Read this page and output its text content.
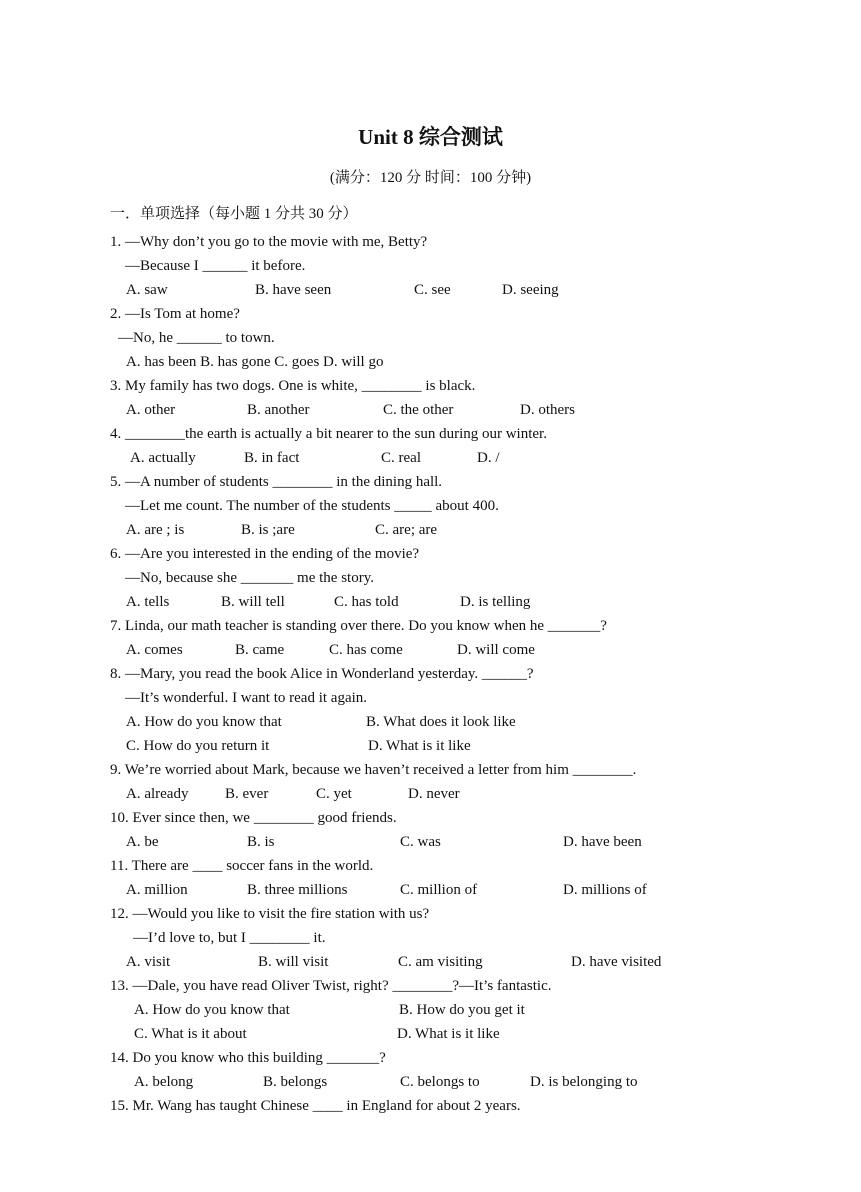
Unit 8 综合测试
(满分：120 分 时间：100 分钟)
一．单项选择（每小题 1 分共 30 分）
1. —Why don’t you go to the movie with me, Betty?
—Because I ______ it before.
A. saw	B. have seen	C. see	D. seeing
2. —Is Tom at home?
—No, he ______ to town.
A. has been B. has gone C. goes D. will go
3. My family has two dogs. One is white, ________ is black.
A. other	B. another	C. the other	D. others
4. ________the earth is actually a bit nearer to the sun during our winter.
A. actually	B. in fact	C. real	D. /
5. —A number of students ________ in the dining hall.
—Let me count. The number of the students _____ about 400.
A. are ; is	B. is ;are	C. are; are
6. —Are you interested in the ending of the movie?
—No, because she _______ me the story.
A. tells	B. will tell	C. has told	D. is telling
7. Linda, our math teacher is standing over there. Do you know when he _______?
A. comes	B. came	C. has come	D. will come
8. —Mary, you read the book Alice in Wonderland yesterday. ______?
—It’s wonderful. I want to read it again.
A. How do you know that	B. What does it look like
C. How do you return it	D. What is it like
9. We’re worried about Mark, because we haven’t received a letter from him ________.
A. already B. ever	C. yet	D. never
10. Ever since then, we ________ good friends.
A. be	B. is	C. was	D. have been
11. There are ____ soccer fans in the world.
A. million	B. three millions	C. million of	D. millions of
12. —Would you like to visit the fire station with us?
—I’d love to, but I ________ it.
A. visit	B. will visit	C. am visiting	D. have visited
13. —Dale, you have read Oliver Twist, right? ________?—It’s fantastic.
A. How do you know that	B. How do you get it
C. What is it about	D. What is it like
14. Do you know who this building _______?
A. belong	B. belongs	C. belongs to	D. is belonging to
15. Mr. Wang has taught Chinese ____ in England for about 2 years.
